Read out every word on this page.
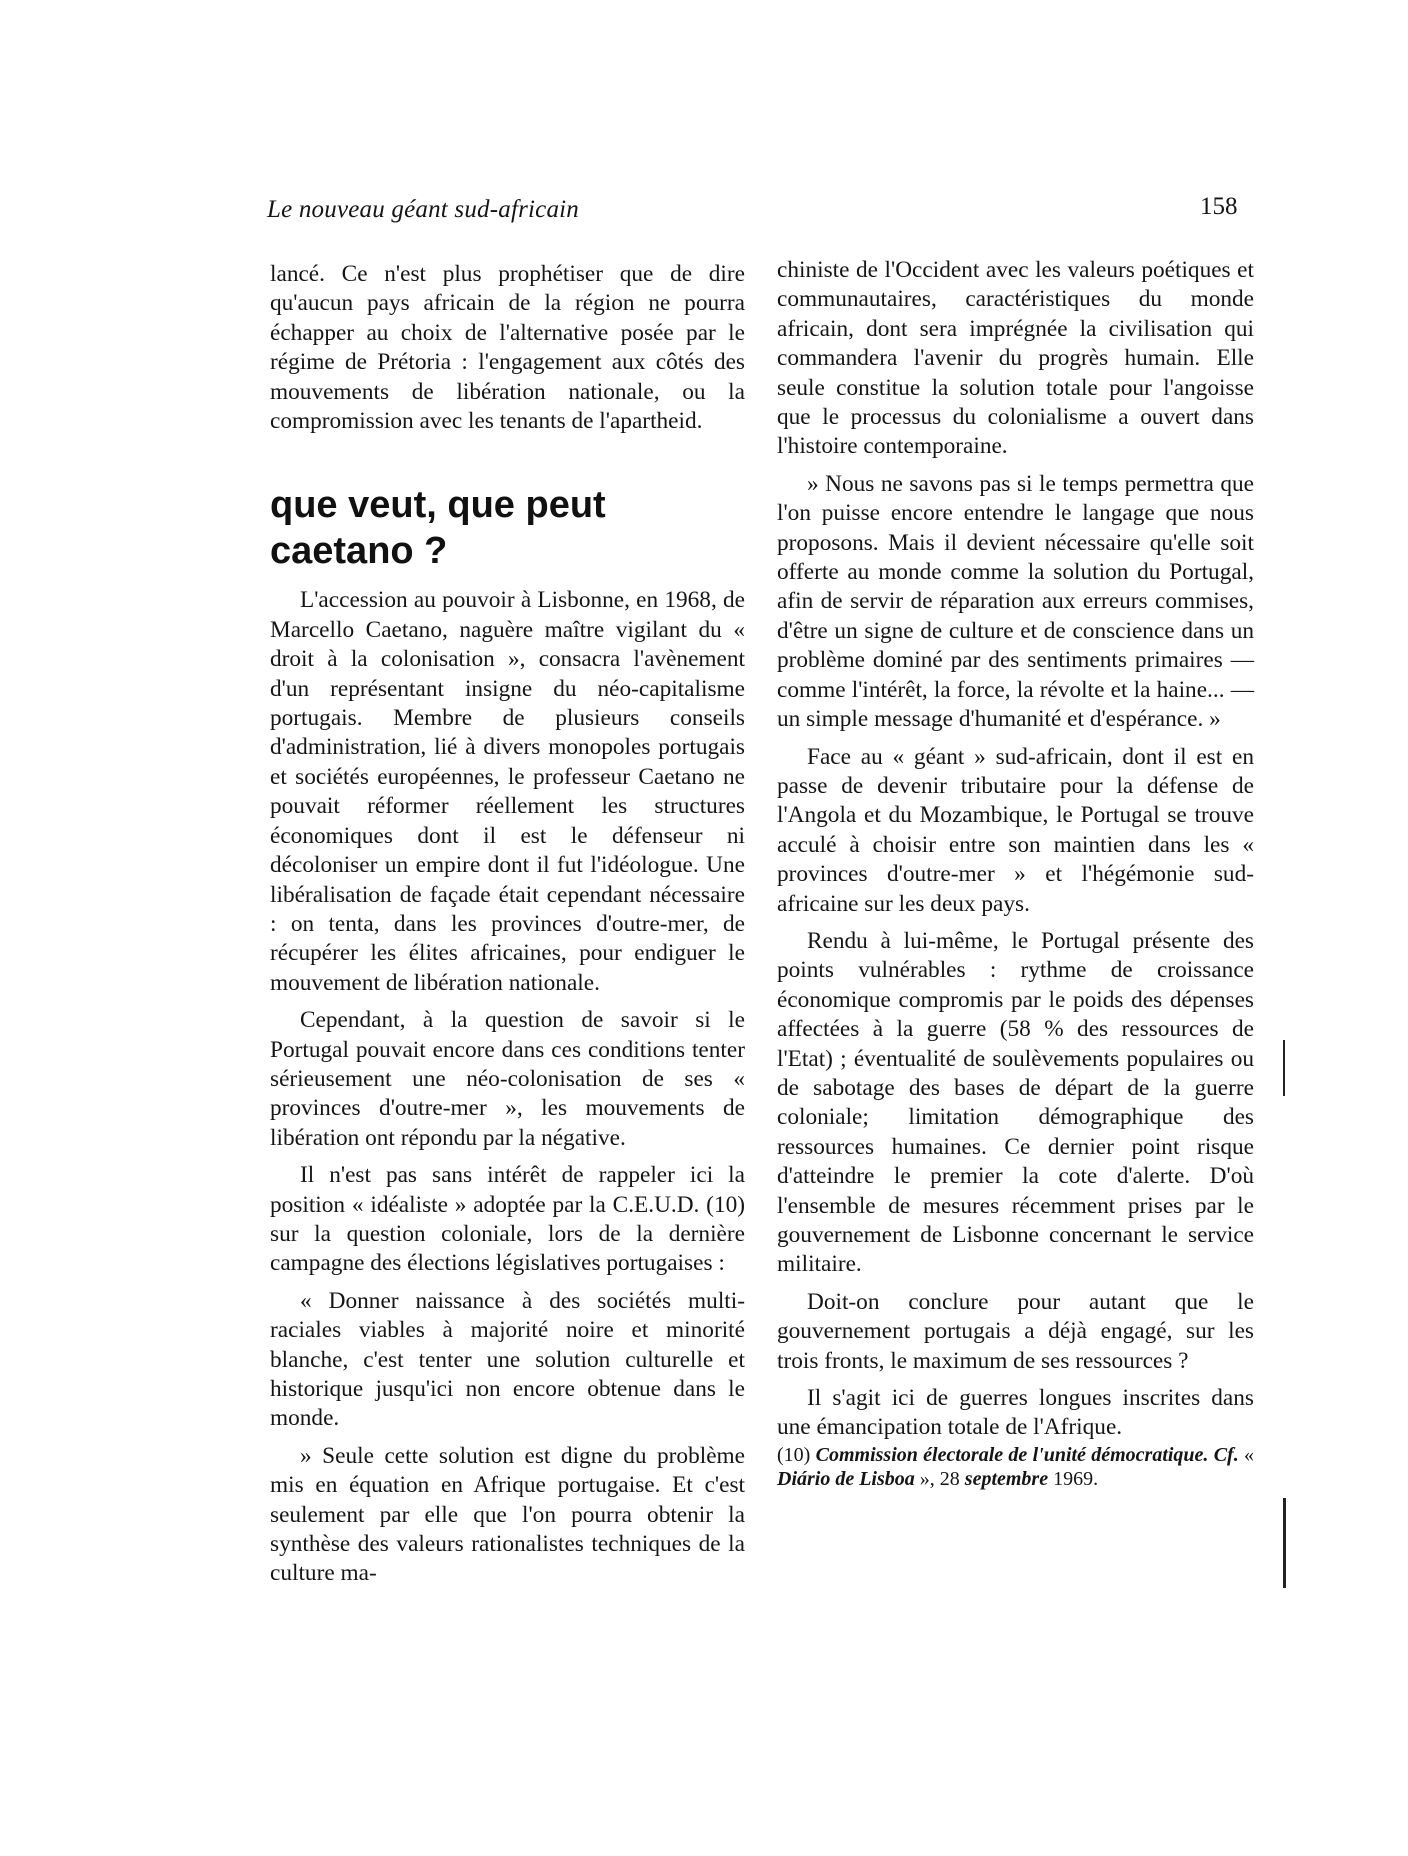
Le nouveau géant sud-africain	158

lancé. Ce n'est plus prophétiser que de dire qu'aucun pays africain de la région ne pourra échapper au choix de l'alternative posée par le régime de Prétoria : l'engagement aux côtés des mouvements de libération nationale, ou la compromission avec les tenants de l'apartheid.

que veut, que peut caetano ?

L'accession au pouvoir à Lisbonne, en 1968, de Marcello Caetano, naguère maître vigilant du « droit à la colonisation », consacra l'avènement d'un représentant insigne du néo-capitalisme portugais. Membre de plusieurs conseils d'administration, lié à divers monopoles portugais et sociétés européennes, le professeur Caetano ne pouvait réformer réellement les structures économiques dont il est le défenseur ni décoloniser un empire dont il fut l'idéologue. Une libéralisation de façade était cependant nécessaire : on tenta, dans les provinces d'outre-mer, de récupérer les élites africaines, pour endiguer le mouvement de libération nationale.

Cependant, à la question de savoir si le Portugal pouvait encore dans ces conditions tenter sérieusement une néo-colonisation de ses « provinces d'outre-mer », les mouvements de libération ont répondu par la négative.

Il n'est pas sans intérêt de rappeler ici la position « idéaliste » adoptée par la C.E.U.D. (10) sur la question coloniale, lors de la dernière campagne des élections législatives portugaises :

« Donner naissance à des sociétés multi-raciales viables à majorité noire et minorité blanche, c'est tenter une solution culturelle et historique jusqu'ici non encore obtenue dans le monde.

» Seule cette solution est digne du problème mis en équation en Afrique portugaise. Et c'est seulement par elle que l'on pourra obtenir la synthèse des valeurs rationalistes techniques de la culture ma-

chiniste de l'Occident avec les valeurs poétiques et communautaires, caractéristiques du monde africain, dont sera imprégnée la civilisation qui commandera l'avenir du progrès humain. Elle seule constitue la solution totale pour l'angoisse que le processus du colonialisme a ouvert dans l'histoire contemporaine.

» Nous ne savons pas si le temps permettra que l'on puisse encore entendre le langage que nous proposons. Mais il devient nécessaire qu'elle soit offerte au monde comme la solution du Portugal, afin de servir de réparation aux erreurs commises, d'être un signe de culture et de conscience dans un problème dominé par des sentiments primaires — comme l'intérêt, la force, la révolte et la haine... — un simple message d'humanité et d'espérance. »

Face au « géant » sud-africain, dont il est en passe de devenir tributaire pour la défense de l'Angola et du Mozambique, le Portugal se trouve acculé à choisir entre son maintien dans les « provinces d'outre-mer » et l'hégémonie sud-africaine sur les deux pays.

Rendu à lui-même, le Portugal présente des points vulnérables : rythme de croissance économique compromis par le poids des dépenses affectées à la guerre (58 % des ressources de l'Etat) ; éventualité de soulèvements populaires ou de sabotage des bases de départ de la guerre coloniale; limitation démographique des ressources humaines. Ce dernier point risque d'atteindre le premier la cote d'alerte. D'où l'ensemble de mesures récemment prises par le gouvernement de Lisbonne concernant le service militaire.

Doit-on conclure pour autant que le gouvernement portugais a déjà engagé, sur les trois fronts, le maximum de ses ressources ?

Il s'agit ici de guerres longues inscrites dans une émancipation totale de l'Afrique.

(10) Commission électorale de l'unité démocratique. Cf. « Diário de Lisboa », 28 septembre 1969.
